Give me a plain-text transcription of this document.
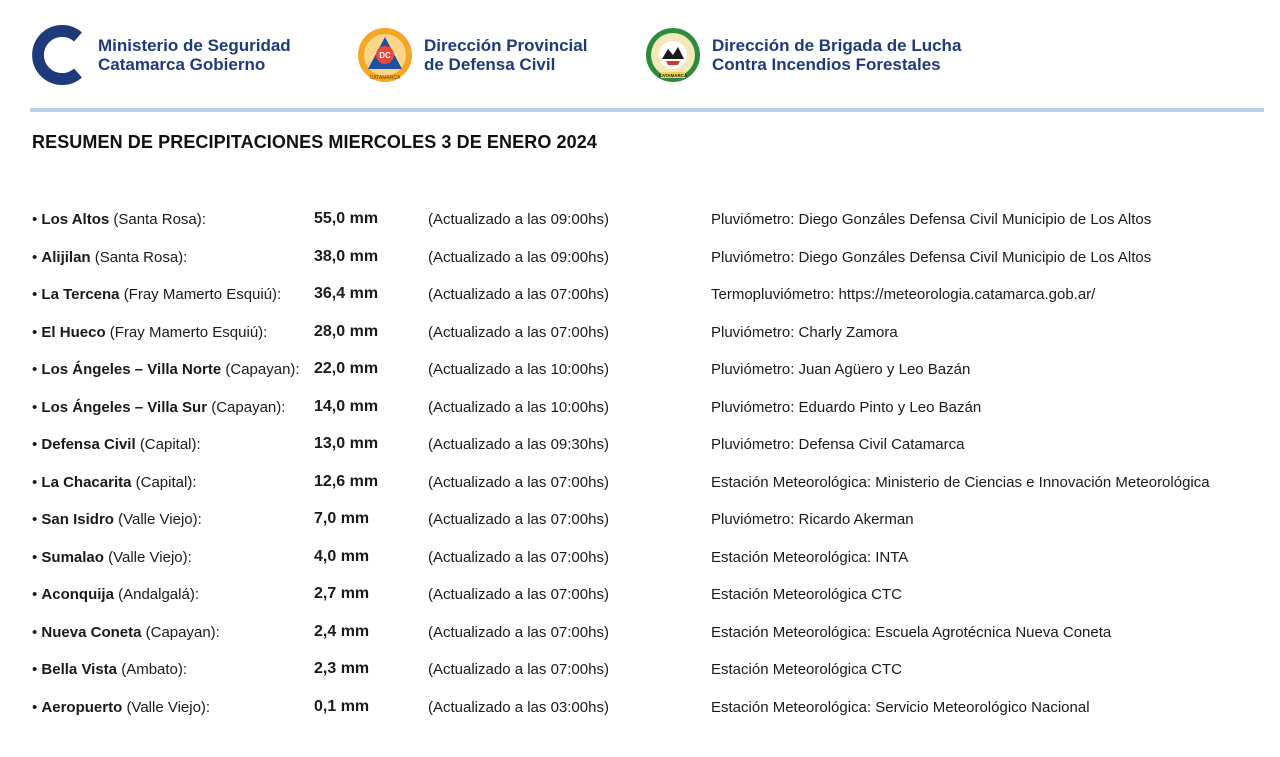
Ministerio de Seguridad
Catamarca Gobierno	DC
CATAMARCA
Dirección Provincial
de Defensa Civil
CATAMARCA
Dirección de Brigada de Lucha
Contra Incendios Forestales
RESUMEN DE PRECIPITACIONES MIERCOLES 3 DE ENERO 2024
• Los Altos (Santa Rosa):	55,0 mm	(Actualizado a las 09:00hs)	Pluviómetro: Diego Gonzáles Defensa Civil Municipio de Los Altos
• Alijilan (Santa Rosa):	38,0 mm	(Actualizado a las 09:00hs)	Pluviómetro: Diego Gonzáles Defensa Civil Municipio de Los Altos
• La Tercena (Fray Mamerto Esquiú): 36,4 mm	(Actualizado a las 07:00hs)	Termopluviómetro: https://meteorologia.catamarca.gob.ar/
• El Hueco (Fray Mamerto Esquiú):	28,0 mm	(Actualizado a las 07:00hs)	Pluviómetro: Charly Zamora
• Los Ángeles – Villa Norte (Capayan): 22,0 mm	(Actualizado a las 10:00hs)	Pluviómetro: Juan Agüero y Leo Bazán
• Los Ángeles – Villa Sur (Capayan): 14,0 mm	(Actualizado a las 10:00hs)	Pluviómetro: Eduardo Pinto y Leo Bazán
• Defensa Civil (Capital):	13,0 mm	(Actualizado a las 09:30hs)	Pluviómetro: Defensa Civil Catamarca
• La Chacarita (Capital):	12,6 mm	(Actualizado a las 07:00hs)	Estación Meteorológica: Ministerio de Ciencias e Innovación Meteorológica
• San Isidro (Valle Viejo):	7,0 mm	(Actualizado a las 07:00hs)	Pluviómetro: Ricardo Akerman
• Sumalao (Valle Viejo):	4,0 mm	(Actualizado a las 07:00hs)	Estación Meteorológica: INTA
• Aconquija (Andalgalá):	2,7 mm	(Actualizado a las 07:00hs)	Estación Meteorológica CTC
• Nueva Coneta (Capayan):	2,4 mm	(Actualizado a las 07:00hs)	Estación Meteorológica: Escuela Agrotécnica Nueva Coneta
• Bella Vista (Ambato):	2,3 mm	(Actualizado a las 07:00hs)	Estación Meteorológica CTC
• Aeropuerto (Valle Viejo):	0,1 mm	(Actualizado a las 03:00hs)	Estación Meteorológica: Servicio Meteorológico Nacional
